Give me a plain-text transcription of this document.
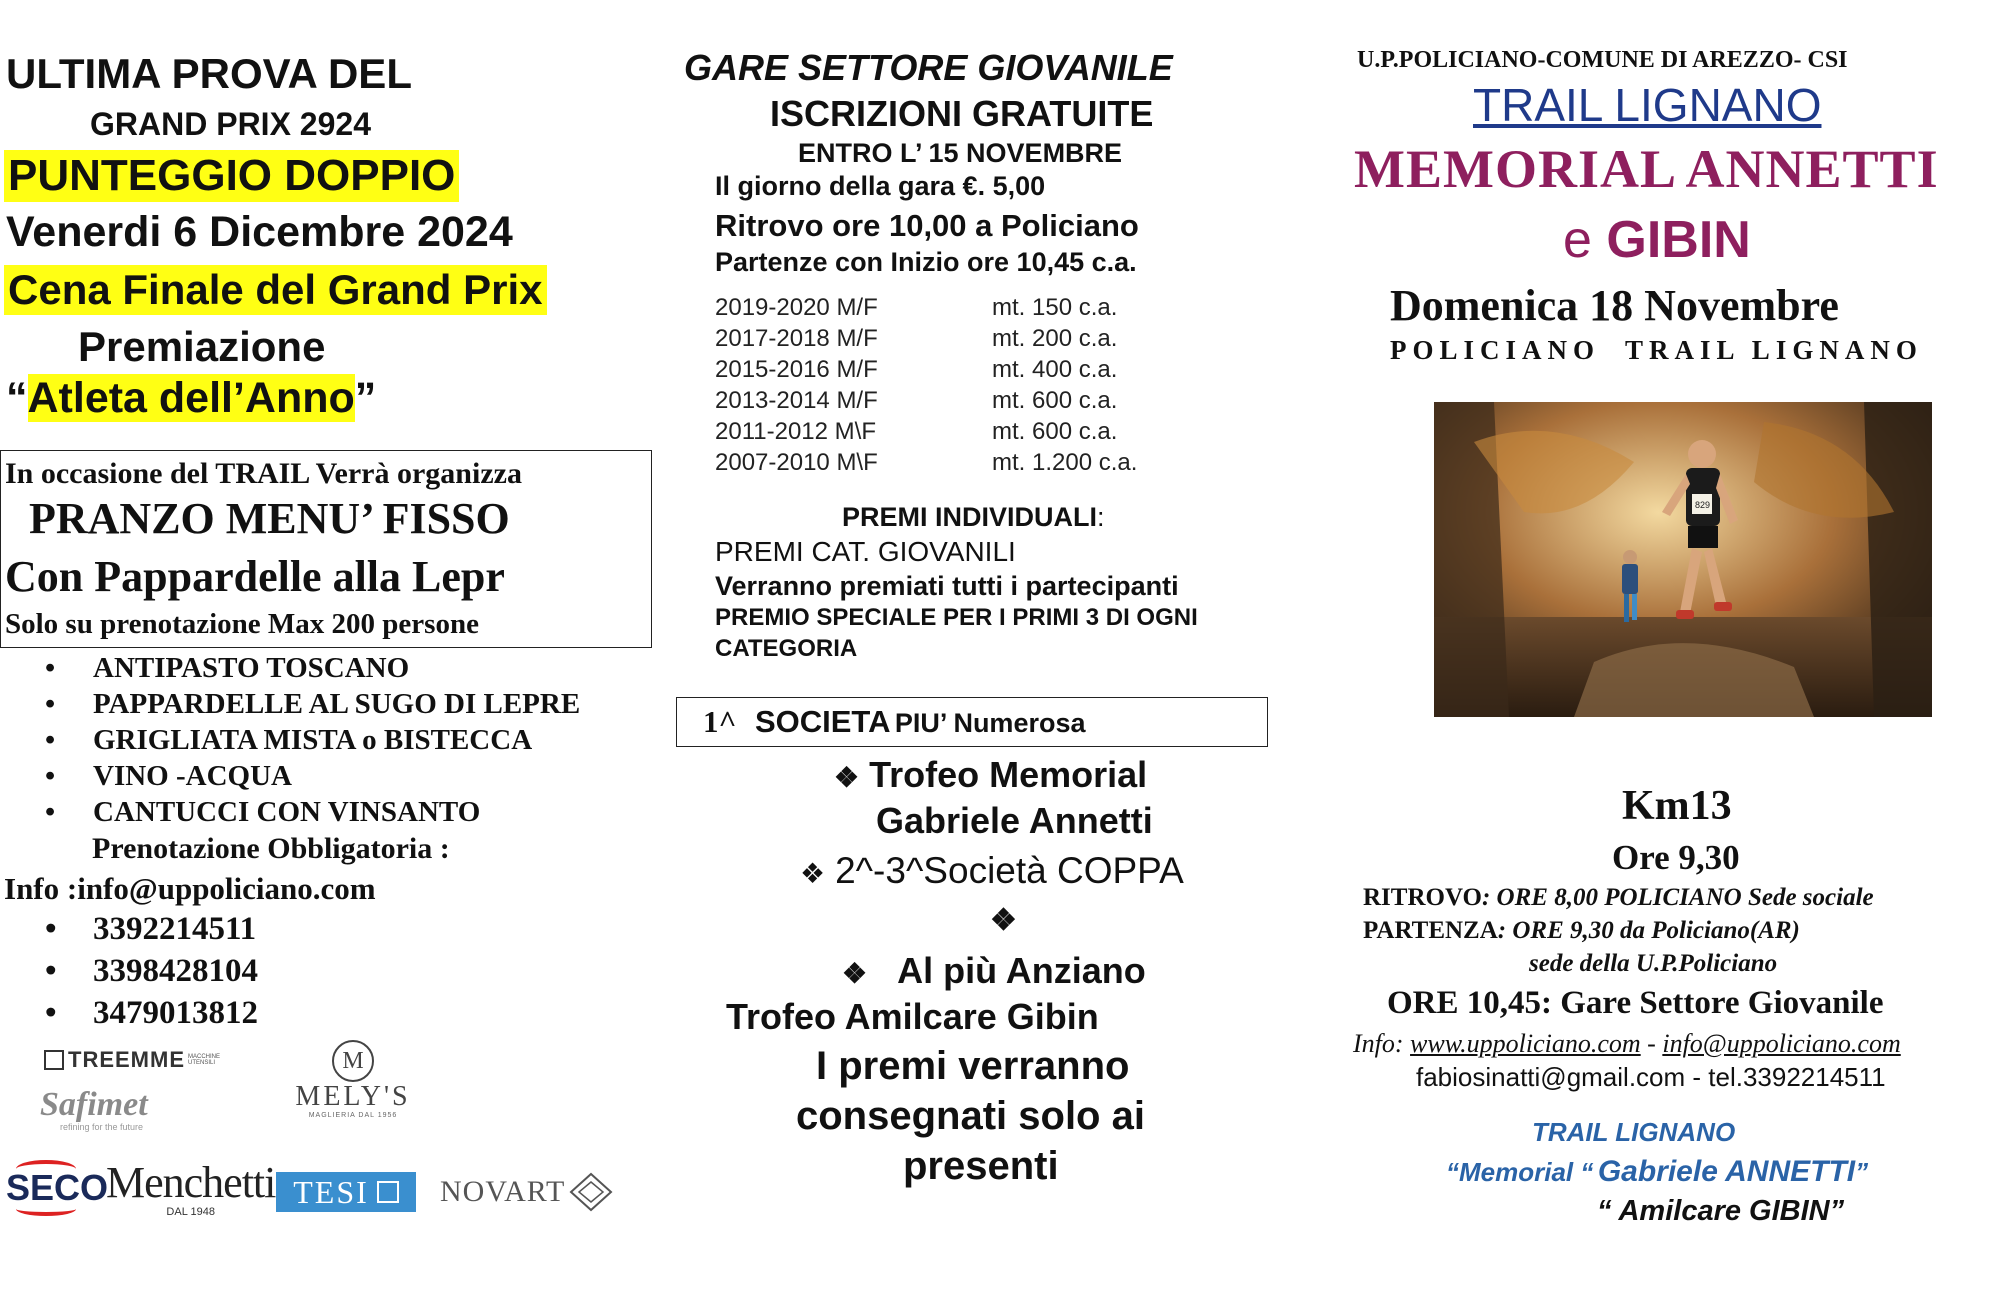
ULTIMA PROVA DEL
GRAND PRIX 2924
PUNTEGGIO DOPPIO
Venerdi 6 Dicembre 2024
Cena Finale del Grand Prix
Premiazione
“Atleta dell’Anno”
In occasione del TRAIL Verrà organizza
PRANZO MENU’ FISSO
Con Pappardelle alla Lepr
Solo su prenotazione Max 200 persone
• ANTIPASTO TOSCANO
• PAPPARDELLE AL SUGO DI LEPRE
• GRIGLIATA MISTA o BISTECCA
• VINO -ACQUA
• CANTUCCI CON VINSANTO
Prenotazione Obbligatoria :
Info :info@uppoliciano.com
• 3392214511
• 3398428104
• 3479013812
TREEMME MACCHINE UTENSILI
Safimet
refining for the future
M
MELY'S
MAGLIERIA DAL 1956
SECO
Menchetti
DAL 1948
TESI NOVART
GARE SETTORE GIOVANILE
ISCRIZIONI GRATUITE
ENTRO L’ 15 NOVEMBRE
Il giorno della gara €. 5,00
Ritrovo ore 10,00 a Policiano
Partenze con Inizio ore 10,45 c.a.
2019-2020 M/F	mt. 150 c.a.
2017-2018 M/F	mt. 200 c.a.
2015-2016 M/F	mt. 400 c.a.
2013-2014 M/F	mt. 600 c.a.
2011-2012 M\F	mt. 600 c.a.
2007-2010 M\F	mt. 1.200 c.a.
PREMI INDIVIDUALI:
PREMI CAT. GIOVANILI
Verranno premiati tutti i partecipanti
PREMIO SPECIALE PER I PRIMI 3 DI OGNI
CATEGORIA
1^ SOCIETA PIU’ Numerosa
❖ Trofeo Memorial
Gabriele Annetti
❖ 2^-3^Società COPPA
❖
❖ Al più Anziano
Trofeo Amilcare Gibin
I premi verranno
consegnati solo ai
presenti
U.P.POLICIANO-COMUNE DI AREZZO- CSI
TRAIL LIGNANO
MEMORIAL ANNETTI
e GIBIN
Domenica 18 Novembre
POLICIANO  TRAIL LIGNANO
829
Km13
Ore 9,30
RITROVO: ORE 8,00 POLICIANO Sede sociale
PARTENZA: ORE 9,30 da Policiano(AR)
sede della U.P.Policiano
ORE 10,45: Gare Settore Giovanile
Info: www.uppoliciano.com - info@uppoliciano.com
fabiosinatti@gmail.com - tel.3392214511
TRAIL LIGNANO
“Memorial “ Gabriele ANNETTI”
“ Amilcare GIBIN”
